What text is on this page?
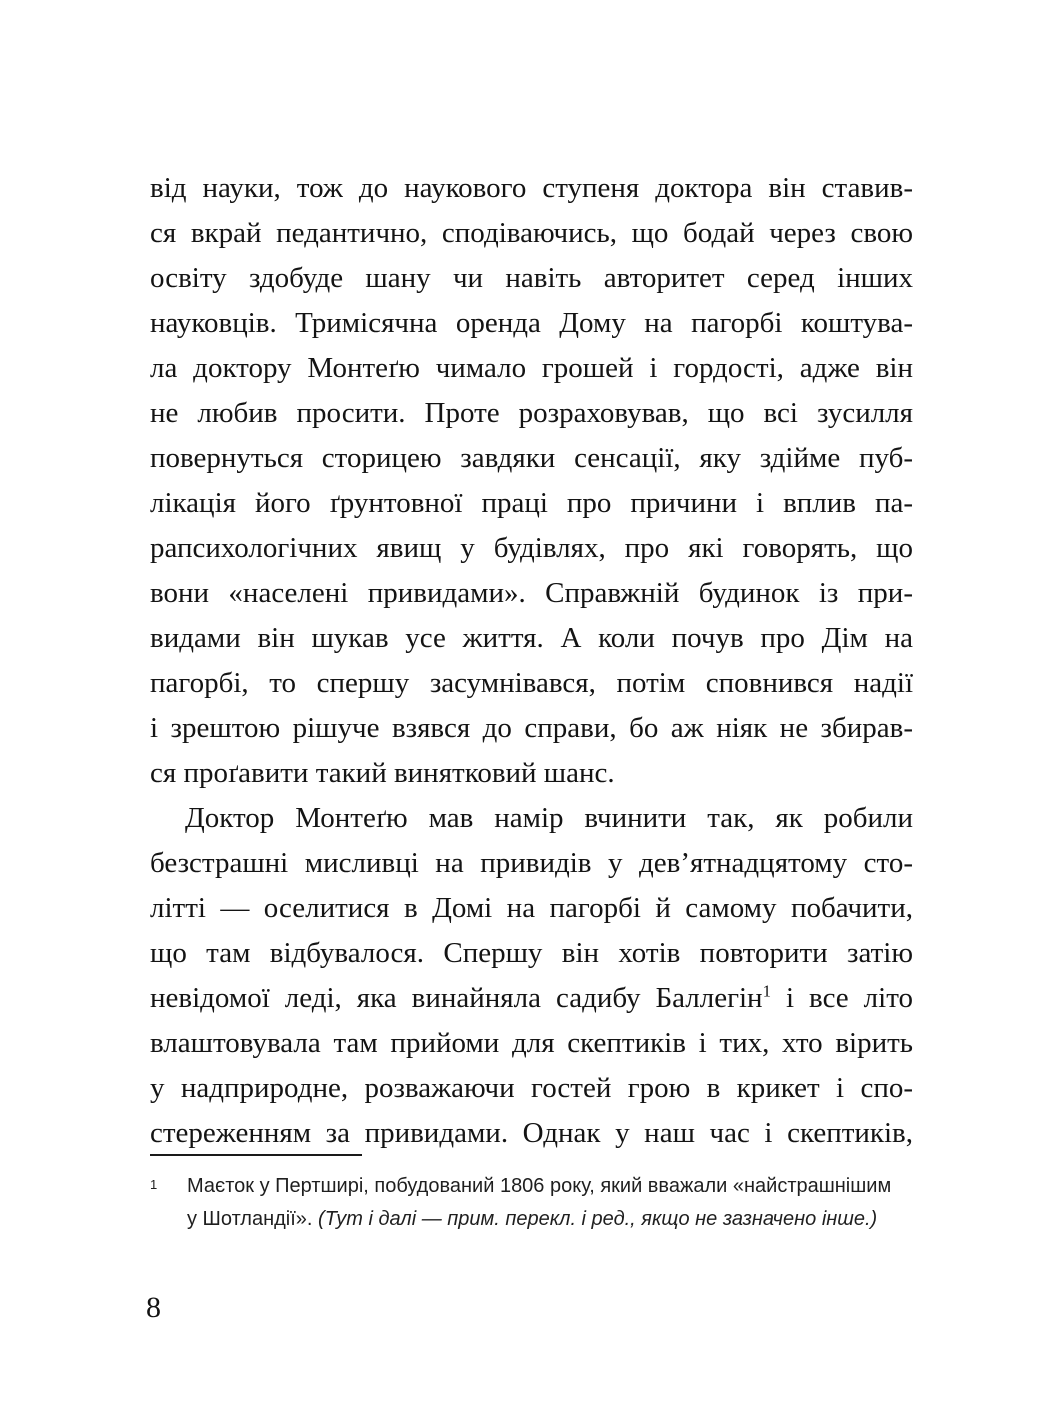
від науки, тож до наукового ступеня доктора він ставив-
ся вкрай педантично, сподіваючись, що бодай через свою
освіту здобуде шану чи навіть авторитет серед інших
науковців. Тримісячна оренда Дому на пагорбі коштува-
ла доктору Монтеґю чимало грошей і гордості, адже він
не любив просити. Проте розраховував, що всі зусилля
повернуться сторицею завдяки сенсації, яку здійме пуб-
лікація його ґрунтовної праці про причини і вплив па-
рапсихологічних явищ у будівлях, про які говорять, що
вони «населені привидами». Справжній будинок із при-
видами він шукав усе життя. А коли почув про Дім на
пагорбі, то спершу засумнівався, потім сповнився надії
і зрештою рішуче взявся до справи, бо аж ніяк не збирав-
ся проґавити такий винятковий шанс.
Доктор Монтеґю мав намір вчинити так, як робили
безстрашні мисливці на привидів у дев’ятнадцятому сто-
літті — оселитися в Домі на пагорбі й самому побачити,
що там відбувалося. Спершу він хотів повторити затію
невідомої леді, яка винайняла садибу Баллегін$^1$ і все літо
влаштовувала там прийоми для скептиків і тих, хто вірить
у надприродне, розважаючи гостей грою в крикет і спо-
стереженням за привидами. Однак у наш час і скептиків,
1 Маєток у Пертширі, побудований 1806 року, який вважали «найстрашнішим
у Шотландії». (Тут і далі — прим. перекл. і ред., якщо не зазначено інше.)
8
